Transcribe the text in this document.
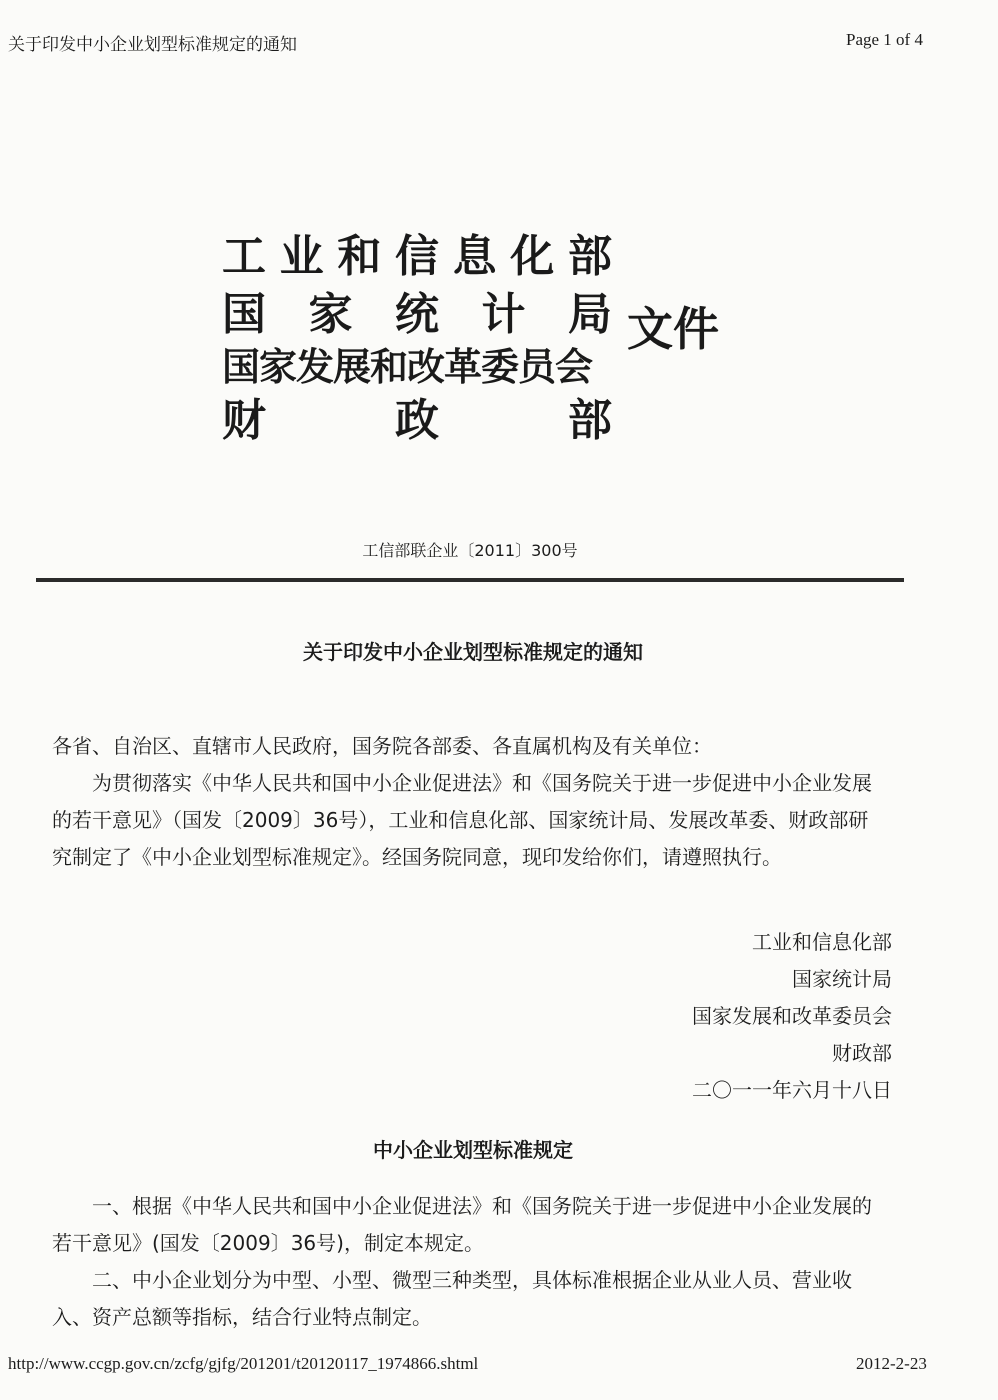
关于印发中小企业划型标准规定的通知	Page 1 of 4
工 业 和 信 息 化 部
国 家 统 计 局
国家发展和改革委员会
财	政	部
文件
工信部联企业〔2011〕300号
关于印发中小企业划型标准规定的通知

各省、自治区、直辖市人民政府，国务院各部委、各直属机构及有关单位：

为贯彻落实《中华人民共和国中小企业促进法》和《国务院关于进一步促进中小企业发展的若干意见》（国发〔2009〕36号），工业和信息化部、国家统计局、发展改革委、财政部研究制定了《中小企业划型标准规定》。经国务院同意，现印发给你们，请遵照执行。

工业和信息化部
国家统计局
国家发展和改革委员会
财政部
二〇一一年六月十八日
中小企业划型标准规定

一、根据《中华人民共和国中小企业促进法》和《国务院关于进一步促进中小企业发展的若干意见》(国发〔2009〕36号)，制定本规定。

二、中小企业划分为中型、小型、微型三种类型，具体标准根据企业从业人员、营业收入、资产总额等指标，结合行业特点制定。

http://www.ccgp.gov.cn/zcfg/gjfg/201201/t20120117_1974866.shtml	2012-2-23
